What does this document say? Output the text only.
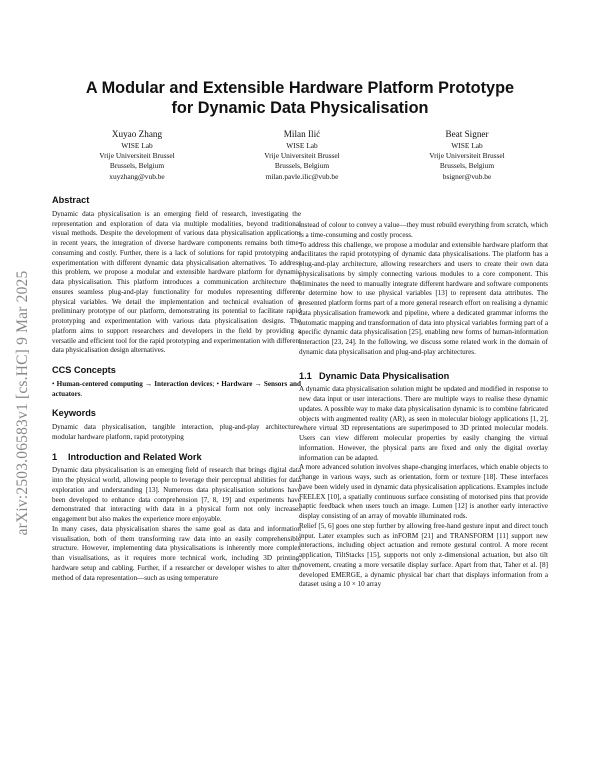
arXiv:2503.06583v1 [cs.HC] 9 Mar 2025
A Modular and Extensible Hardware Platform Prototype
for Dynamic Data Physicalisation
Xuyao Zhang
WISE Lab
Vrije Universiteit Brussel
Brussels, Belgium
xuyzhang@vub.be
Milan Ilić
WISE Lab
Vrije Universiteit Brussel
Brussels, Belgium
milan.pavle.ilic@vub.be
Beat Signer
WISE Lab
Vrije Universiteit Brussel
Brussels, Belgium
bsigner@vub.be
Abstract

Dynamic data physicalisation is an emerging field of research, investigating the representation and exploration of data via multiple modalities, beyond traditional visual methods. Despite the development of various data physicalisation applications in recent years, the integration of diverse hardware components remains both time-consuming and costly. Further, there is a lack of solutions for rapid prototyping and experimentation with different dynamic data physicalisation alternatives. To address this problem, we propose a modular and extensible hardware platform for dynamic data physicalisation. This platform introduces a communication architecture that ensures seamless plug-and-play functionality for modules representing different physical variables. We detail the implementation and technical evaluation of a preliminary prototype of our platform, demonstrating its potential to facilitate rapid prototyping and experimentation with various data physicalisation designs. The platform aims to support researchers and developers in the field by providing a versatile and efficient tool for the rapid prototyping and experimentation with different data physicalisation design alternatives.

CCS Concepts

• Human-centered computing → Interaction devices; • Hardware → Sensors and actuators.

Keywords

Dynamic data physicalisation, tangible interaction, plug-and-play architecture, modular hardware platform, rapid prototyping

1 Introduction and Related Work

Dynamic data physicalisation is an emerging field of research that brings digital data into the physical world, allowing people to leverage their perceptual abilities for data exploration and understanding [13]. Numerous data physicalisation solutions have been developed to enhance data comprehension [7, 8, 19] and experiments have demonstrated that interacting with data in a physical form not only increases engagement but also makes the experience more enjoyable.

In many cases, data physicalisation shares the same goal as data and information visualisation, both of them transforming raw data into an easily comprehensible structure. However, implementing data physicalisations is inherently more complex than visualisations, as it requires more technical work, including 3D printing, hardware setup and cabling. Further, if a researcher or developer wishes to alter the method of data representation—such as using temperature

instead of colour to convey a value—they must rebuild everything from scratch, which is a time-consuming and costly process.

To address this challenge, we propose a modular and extensible hardware platform that facilitates the rapid prototyping of dynamic data physicalisations. The platform has a plug-and-play architecture, allowing researchers and users to create their own data physicalisations by simply connecting various modules to a core component. This eliminates the need to manually integrate different hardware and software components or determine how to use physical variables [13] to represent data attributes. The presented platform forms part of a more general research effort on realising a dynamic data physicalisation framework and pipeline, where a dedicated grammar informs the automatic mapping and transformation of data into physical variables forming part of a specific dynamic data physicalisation [25], enabling new forms of human-information interaction [23, 24]. In the following, we discuss some related work in the domain of dynamic data physicalisation and plug-and-play architectures.

1.1 Dynamic Data Physicalisation

A dynamic data physicalisation solution might be updated and modified in response to new data input or user interactions. There are multiple ways to realise these dynamic updates. A possible way to make data physicalisation dynamic is to combine fabricated objects with augmented reality (AR), as seen in molecular biology applications [1, 2], where virtual 3D representations are superimposed to 3D printed molecular models. Users can view different molecular properties by easily changing the virtual information. However, the physical parts are fixed and only the digital overlay information can be adapted.

A more advanced solution involves shape-changing interfaces, which enable objects to change in various ways, such as orientation, form or texture [18]. These interfaces have been widely used in dynamic data physicalisation applications. Examples include FEELEX [10], a spatially continuous surface consisting of motorised pins that provide haptic feedback when users touch an image. Lumen [12] is another early interactive display consisting of an array of movable illuminated rods.

Relief [5, 6] goes one step further by allowing free-hand gesture input and direct touch input. Later examples such as inFORM [21] and TRANSFORM [11] support new interactions, including object actuation and remote gestural control. A more recent application, TiltStacks [15], supports not only z-dimensional actuation, but also tilt movement, creating a more versatile display surface. Apart from that, Taher et al. [8] developed EMERGE, a dynamic physical bar chart that displays information from a dataset using a 10 × 10 array
